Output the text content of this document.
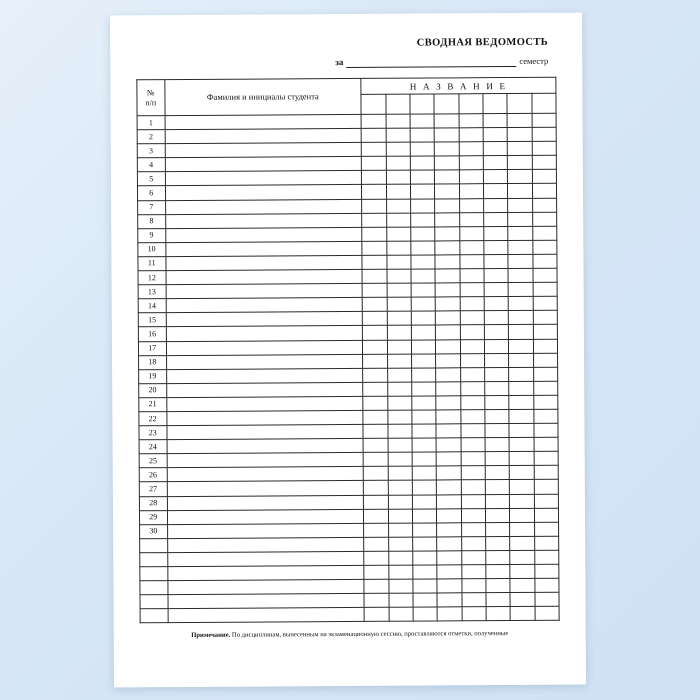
СВОДНАЯ ВЕДОМОСТЬ
за	семестр
№
п/п	Фамилия и инициалы студента	Н А З В А Н И Е							

1									
2									
3									
4									
5									
6									
7									
8									
9									
10									
11									
12									
13									
14									
15									
16									
17									
18									
19									
20									
21									
22									
23									
24									
25									
26									
27									
28									
29									
30									

Примечание. По дисциплинам, вынесенным на экзаменационную сессию, проставляются отметки, полученные
